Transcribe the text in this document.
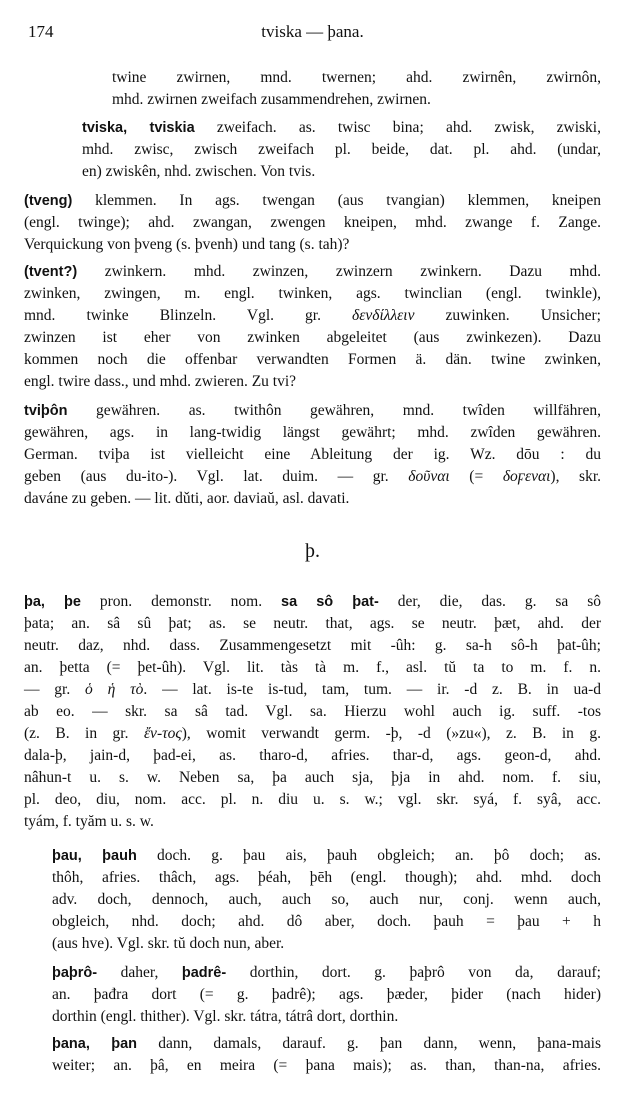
174	tviska — þana.
þ.
twine zwirnen, mnd. twernen; ahd. zwirnên, zwirnôn,
mhd. zwirnen zweifach zusammendrehen, zwirnen.
tviska, tviskia zweifach. as. twisc bina; ahd. zwisk, zwiski,
mhd. zwisc, zwisch zweifach pl. beide, dat. pl. ahd. (undar,
en) zwiskên, nhd. zwischen. Von tvis.
(tveng) klemmen. In ags. twengan (aus tvangian) klemmen, kneipen
(engl. twinge); ahd. zwangan, zwengen kneipen, mhd. zwange f. Zange.
Verquickung von þveng (s. þvenh) und tang (s. tah)?
(tvent?) zwinkern. mhd. zwinzen, zwinzern zwinkern. Dazu mhd.
zwinken, zwingen, m. engl. twinken, ags. twinclian (engl. twinkle),
mnd. twinke Blinzeln. Vgl. gr. δενδίλλειν zuwinken. Unsicher;
zwinzen ist eher von zwinken abgeleitet (aus zwinkezen). Dazu
kommen noch die offenbar verwandten Formen ä. dän. twine zwinken,
engl. twire dass., und mhd. zwieren. Zu tvi?
tviþôn gewähren. as. twithôn gewähren, mnd. twîden willfähren,
gewähren, ags. in lang-twidig längst gewährt; mhd. zwîden gewähren.
German. tviþa ist vielleicht eine Ableitung der ig. Wz. dōu : du
geben (aus du-ito-). Vgl. lat. duim. — gr. δοῦναι (= δοϝεναι), skr.
daváne zu geben. — lit. dǔti, aor. daviaŭ, asl. davati.
þa, þe pron. demonstr. nom. sa sô þat- der, die, das. g. sa sô
þata; an. sâ sû þat; as. se neutr. that, ags. se neutr. þæt, ahd. der
neutr. daz, nhd. dass. Zusammengesetzt mit -ûh: g. sa-h sô-h þat-ûh;
an. þetta (= þet-ûh). Vgl. lit. tàs tà m. f., asl. tŭ ta to m. f. n.
— gr. ὁ ἡ τὸ. — lat. is-te is-tud, tam, tum. — ir. -d z. B. in ua-d
ab eo. — skr. sa sâ tad. Vgl. sa. Hierzu wohl auch ig. suff. -tos
(z. B. in gr. ἔν-τος), womit verwandt germ. -þ, -d (»zu«), z. B. in g.
dala-þ, jain-d, þad-ei, as. tharo-d, afries. thar-d, ags. geon-d, ahd.
nâhun-t u. s. w. Neben sa, þa auch sja, þja in ahd. nom. f. siu,
pl. deo, diu, nom. acc. pl. n. diu u. s. w.; vgl. skr. syá, f. syâ, acc.
tyám, f. tyăm u. s. w.
þau, þauh doch. g. þau ais, þauh obgleich; an. þô doch; as.
thôh, afries. thâch, ags. þéah, þēh (engl. though); ahd. mhd. doch
adv. doch, dennoch, auch, auch so, auch nur, conj. wenn auch,
obgleich, nhd. doch; ahd. dô aber, doch. þauh = þau + h
(aus hve). Vgl. skr. tŭ doch nun, aber.
þaþrô- daher, þadrê- dorthin, dort. g. þaþrô von da, darauf;
an. þađra dort (= g. þadrê); ags. þæder, þider (nach hider)
dorthin (engl. thither). Vgl. skr. tátra, tátrâ dort, dorthin.
þana, þan dann, damals, darauf. g. þan dann, wenn, þana-mais
weiter; an. þâ, en meira (= þana mais); as. than, than-na, afries.
